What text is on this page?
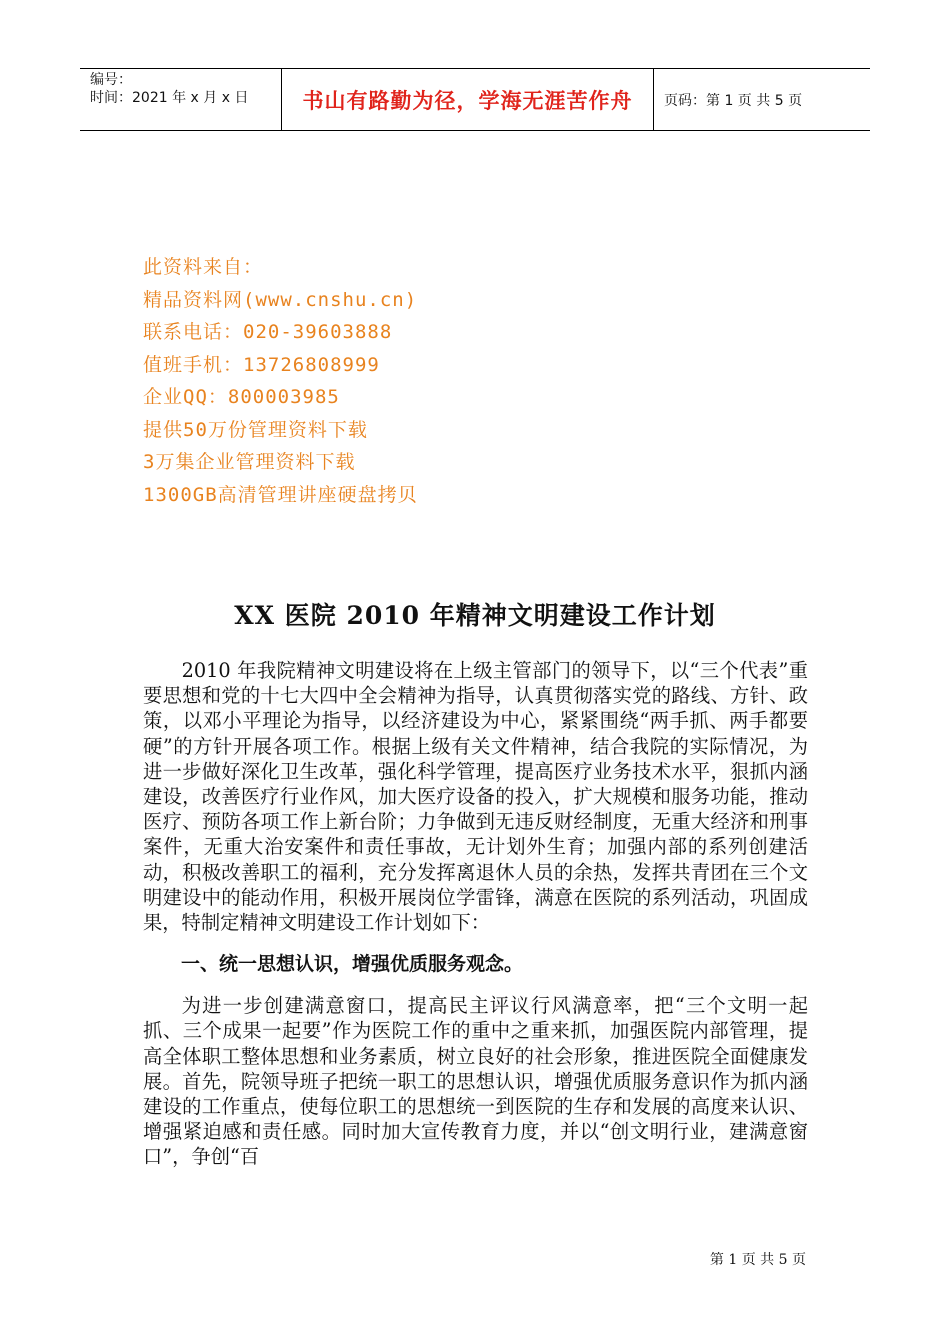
编号：
时间：2021 年 x 月 x 日	书山有路勤为径，学海无涯苦作舟	页码：第 1 页 共 5 页
此资料来自：
精品资料网(www.cnshu.cn)
联系电话：020-39603888
值班手机：13726808999
企业QQ：800003985
提供50万份管理资料下载
3万集企业管理资料下载
1300GB高清管理讲座硬盘拷贝
XX 医院 2010 年精神文明建设工作计划

2010 年我院精神文明建设将在上级主管部门的领导下，以“三个代表”重要思想和党的十七大四中全会精神为指导，认真贯彻落实党的路线、方针、政策，以邓小平理论为指导，以经济建设为中心，紧紧围绕“两手抓、两手都要硬”的方针开展各项工作。根据上级有关文件精神，结合我院的实际情况，为进一步做好深化卫生改革，强化科学管理，提高医疗业务技术水平，狠抓内涵建设，改善医疗行业作风，加大医疗设备的投入，扩大规模和服务功能，推动医疗、预防各项工作上新台阶；力争做到无违反财经制度，无重大经济和刑事案件，无重大治安案件和责任事故，无计划外生育；加强内部的系列创建活动，积极改善职工的福利，充分发挥离退休人员的余热，发挥共青团在三个文明建设中的能动作用，积极开展岗位学雷锋，满意在医院的系列活动，巩固成果，特制定精神文明建设工作计划如下：

一、统一思想认识，增强优质服务观念。

为进一步创建满意窗口，提高民主评议行风满意率，把“三个文明一起抓、三个成果一起要”作为医院工作的重中之重来抓，加强医院内部管理，提高全体职工整体思想和业务素质，树立良好的社会形象，推进医院全面健康发展。首先，院领导班子把统一职工的思想认识，增强优质服务意识作为抓内涵建设的工作重点，使每位职工的思想统一到医院的生存和发展的高度来认识、增强紧迫感和责任感。同时加大宣传教育力度，并以“创文明行业，建满意窗口”，争创“百

第 1 页 共 5 页
